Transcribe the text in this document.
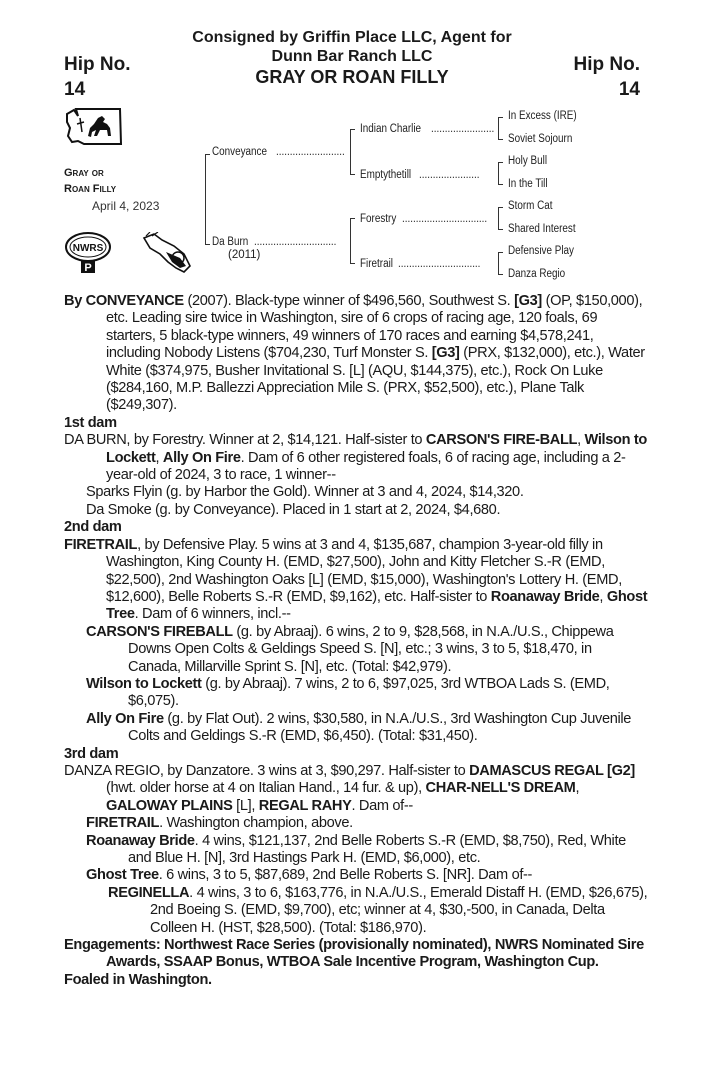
Consigned by Griffin Place LLC, Agent for
Dunn Bar Ranch LLC
GRAY OR ROAN FILLY
Hip No.
14
Hip No.
14
Gray or
Roan Filly
April 4, 2023
NWRS
P
Conveyance.........................
Da Burn..............................
(2011)
Indian Charlie .......................
Emptythetill......................
Forestry...............................
Firetrail..............................
In Excess (IRE)
Soviet Sojourn
Holy Bull
In the Till
Storm Cat
Shared Interest
Defensive Play
Danza Regio

By CONVEYANCE (2007). Black-type winner of $496,560, Southwest S. [G3] (OP, $150,000), etc. Leading sire twice in Washington, sire of 6 crops of racing age, 120 foals, 69 starters, 5 black-type winners, 49 winners of 170 races and earning $4,578,241, including Nobody Listens ($704,230, Turf Monster S. [G3] (PRX, $132,000), etc.), Water White ($374,975, Busher Invitational S. [L] (AQU, $144,375), etc.), Rock On Luke ($284,160, M.P. Ballezzi Appreciation Mile S. (PRX, $52,500), etc.), Plane Talk ($249,307).

1st dam

DA BURN, by Forestry. Winner at 2, $14,121. Half-sister to CARSON'S FIRE-BALL, Wilson to Lockett, Ally On Fire. Dam of 6 other registered foals, 6 of racing age, including a 2-year-old of 2024, 3 to race, 1 winner--

Sparks Flyin (g. by Harbor the Gold). Winner at 3 and 4, 2024, $14,320.

Da Smoke (g. by Conveyance). Placed in 1 start at 2, 2024, $4,680.

2nd dam

FIRETRAIL, by Defensive Play. 5 wins at 3 and 4, $135,687, champion 3-year-old filly in Washington, King County H. (EMD, $27,500), John and Kitty Fletcher S.-R (EMD, $22,500), 2nd Washington Oaks [L] (EMD, $15,000), Washington's Lottery H. (EMD, $12,600), Belle Roberts S.-R (EMD, $9,162), etc. Half-sister to Roanaway Bride, Ghost Tree. Dam of 6 winners, incl.--

CARSON'S FIREBALL (g. by Abraaj). 6 wins, 2 to 9, $28,568, in N.A./U.S., Chippewa Downs Open Colts & Geldings Speed S. [N], etc.; 3 wins, 3 to 5, $18,470, in Canada, Millarville Sprint S. [N], etc. (Total: $42,979).

Wilson to Lockett (g. by Abraaj). 7 wins, 2 to 6, $97,025, 3rd WTBOA Lads S. (EMD, $6,075).

Ally On Fire (g. by Flat Out). 2 wins, $30,580, in N.A./U.S., 3rd Washington Cup Juvenile Colts and Geldings S.-R (EMD, $6,450). (Total: $31,450).

3rd dam

DANZA REGIO, by Danzatore. 3 wins at 3, $90,297. Half-sister to DAMASCUS REGAL [G2] (hwt. older horse at 4 on Italian Hand., 14 fur. & up), CHAR-NELL'S DREAM, GALOWAY PLAINS [L], REGAL RAHY. Dam of--

FIRETRAIL. Washington champion, above.

Roanaway Bride. 4 wins, $121,137, 2nd Belle Roberts S.-R (EMD, $8,750), Red, White and Blue H. [N], 3rd Hastings Park H. (EMD, $6,000), etc.

Ghost Tree. 6 wins, 3 to 5, $87,689, 2nd Belle Roberts S. [NR]. Dam of--

REGINELLA. 4 wins, 3 to 6, $163,776, in N.A./U.S., Emerald Distaff H. (EMD, $26,675), 2nd Boeing S. (EMD, $9,700), etc; winner at 4, $30,-500, in Canada, Delta Colleen H. (HST, $28,500). (Total: $186,970).

Engagements: Northwest Race Series (provisionally nominated), NWRS Nominated Sire Awards, SSAAP Bonus, WTBOA Sale Incentive Program, Washington Cup.

Foaled in Washington.
